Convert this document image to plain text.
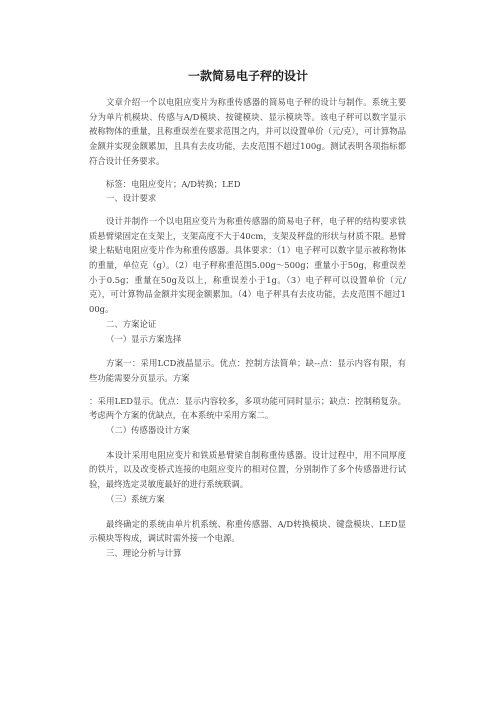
一款简易电子秤的设计

文章介绍一个以电阻应变片为称重传感器的简易电子秤的设计与制作。系统主要分为单片机模块、传感与A/D模块、按键模块、显示模块等。该电子秤可以数字显示被称物体的重量，且称重误差在要求范围之内，并可以设置单价（元/克），可计算物品金额并实现金额累加，且具有去皮功能，去皮范围不超过100g。测试表明各项指标都符合设计任务要求。

标签：电阻应变片；A/D转换；LED

一、设计要求

设计并制作一个以电阻应变片为称重传感器的简易电子秤，电子秤的结构要求铁质悬臂梁固定在支架上，支架高度不大于40cm，支架及秤盘的形状与材质不限。悬臂梁上粘贴电阻应变片作为称重传感器。具体要求：（1）电子秤可以数字显示被称物体的重量，单位克（g）。（2）电子秤称重范围5.00g～500g；重量小于50g，称重误差小于0.5g；重量在50g及以上，称重误差小于1g。（3）电子秤可以设置单价（元/克），可计算物品金额并实现金额累加。（4）电子秤具有去皮功能，去皮范围不超过100g。

二、方案论证

（一）显示方案选择

方案一：采用LCD液晶显示。优点：控制方法简单；缺--点：显示内容有限，有些功能需要分页显示。方案

：采用LED显示。优点：显示内容较多，多项功能可同时显示；缺点：控制稍复杂。考虑两个方案的优缺点，在本系统中采用方案二。

（二）传感器设计方案

本设计采用电阻应变片和铁质悬臂梁自制称重传感器。设计过程中，用不同厚度的铁片，以及改变桥式连接的电阻应变片的相对位置，分别制作了多个传感器进行试验，最终选定灵敏度最好的进行系统联调。

（三）系统方案

最终确定的系统由单片机系统、称重传感器、A/D转换模块、键盘模块、LED显示模块等构成，调试时需外接一个电源。

三、理论分析与计算
